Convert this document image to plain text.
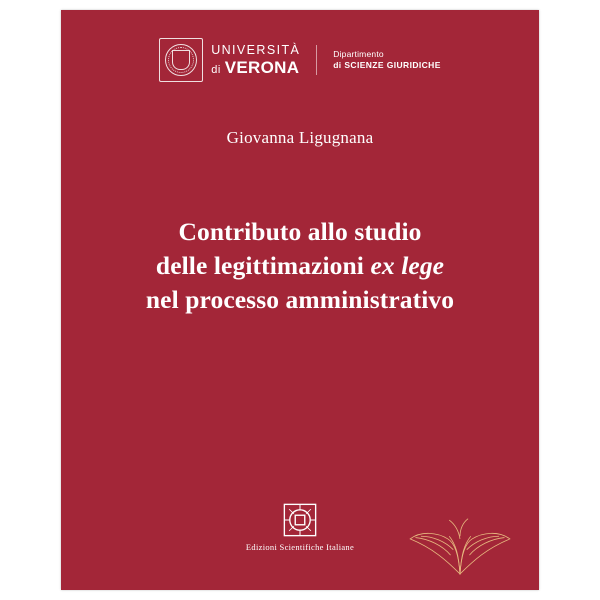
UNIVERSITÀ
di VERONA
Dipartimento
di SCIENZE GIURIDICHE
Giovanna Ligugnana
Contributo allo studio
delle legittimazioni ex lege
nel processo amministrativo
Edizioni Scientifiche Italiane
